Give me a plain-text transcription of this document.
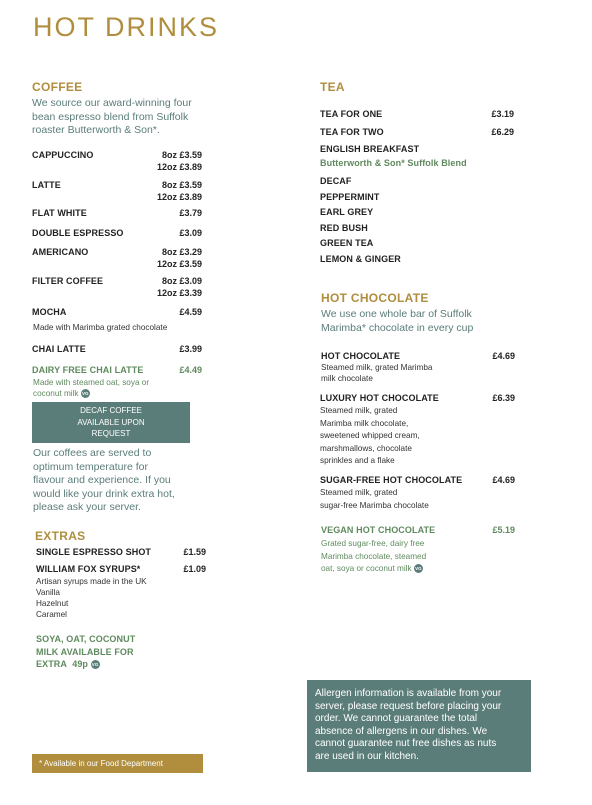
HOT DRINKS
COFFEE
We source our award-winning four
bean espresso blend from Suffolk
roaster Butterworth & Son*.
CAPPUCCINO	8oz £3.59
12oz £3.89
LATTE	8oz £3.59
12oz £3.89
FLAT WHITE	£3.79
DOUBLE ESPRESSO	£3.09
AMERICANO	8oz £3.29
12oz £3.59
FILTER COFFEE	8oz £3.09
12oz £3.39
MOCHA	£4.59
Made with Marimba grated chocolate
CHAI LATTE	£3.99
DAIRY FREE CHAI LATTE	£4.49
Made with steamed oat, soya or
coconut milk VG
DECAF COFFEE
AVAILABLE UPON
REQUEST
Our coffees are served to
optimum temperature for
flavour and experience. If you
would like your drink extra hot,
please ask your server.
EXTRAS
SINGLE ESPRESSO SHOT	£1.59
WILLIAM FOX SYRUPS*	£1.09
Artisan syrups made in the UK
Vanilla
Hazelnut
Caramel
SOYA, OAT, COCONUT
MILK AVAILABLE FOR
EXTRA 49p VG
TEA
TEA FOR ONE	£3.19
TEA FOR TWO	£6.29
ENGLISH BREAKFAST
Butterworth & Son* Suffolk Blend
DECAF
PEPPERMINT
EARL GREY
RED BUSH
GREEN TEA
LEMON & GINGER
HOT CHOCOLATE
We use one whole bar of Suffolk
Marimba* chocolate in every cup
HOT CHOCOLATE	£4.69
Steamed milk, grated Marimba
milk chocolate
LUXURY HOT CHOCOLATE	£6.39
Steamed milk, grated
Marimba milk chocolate,
sweetened whipped cream,
marshmallows, chocolate
sprinkles and a flake
SUGAR-FREE HOT CHOCOLATE	£4.69
Steamed milk, grated
sugar-free Marimba chocolate
VEGAN HOT CHOCOLATE	£5.19
Grated sugar-free, dairy free
Marimba chocolate, steamed
oat, soya or coconut milk VG
Allergen information is available from your
server, please request before placing your
order. We cannot guarantee the total
absence of allergens in our dishes. We
cannot guarantee nut free dishes as nuts
are used in our kitchen.
* Available in our Food Department
